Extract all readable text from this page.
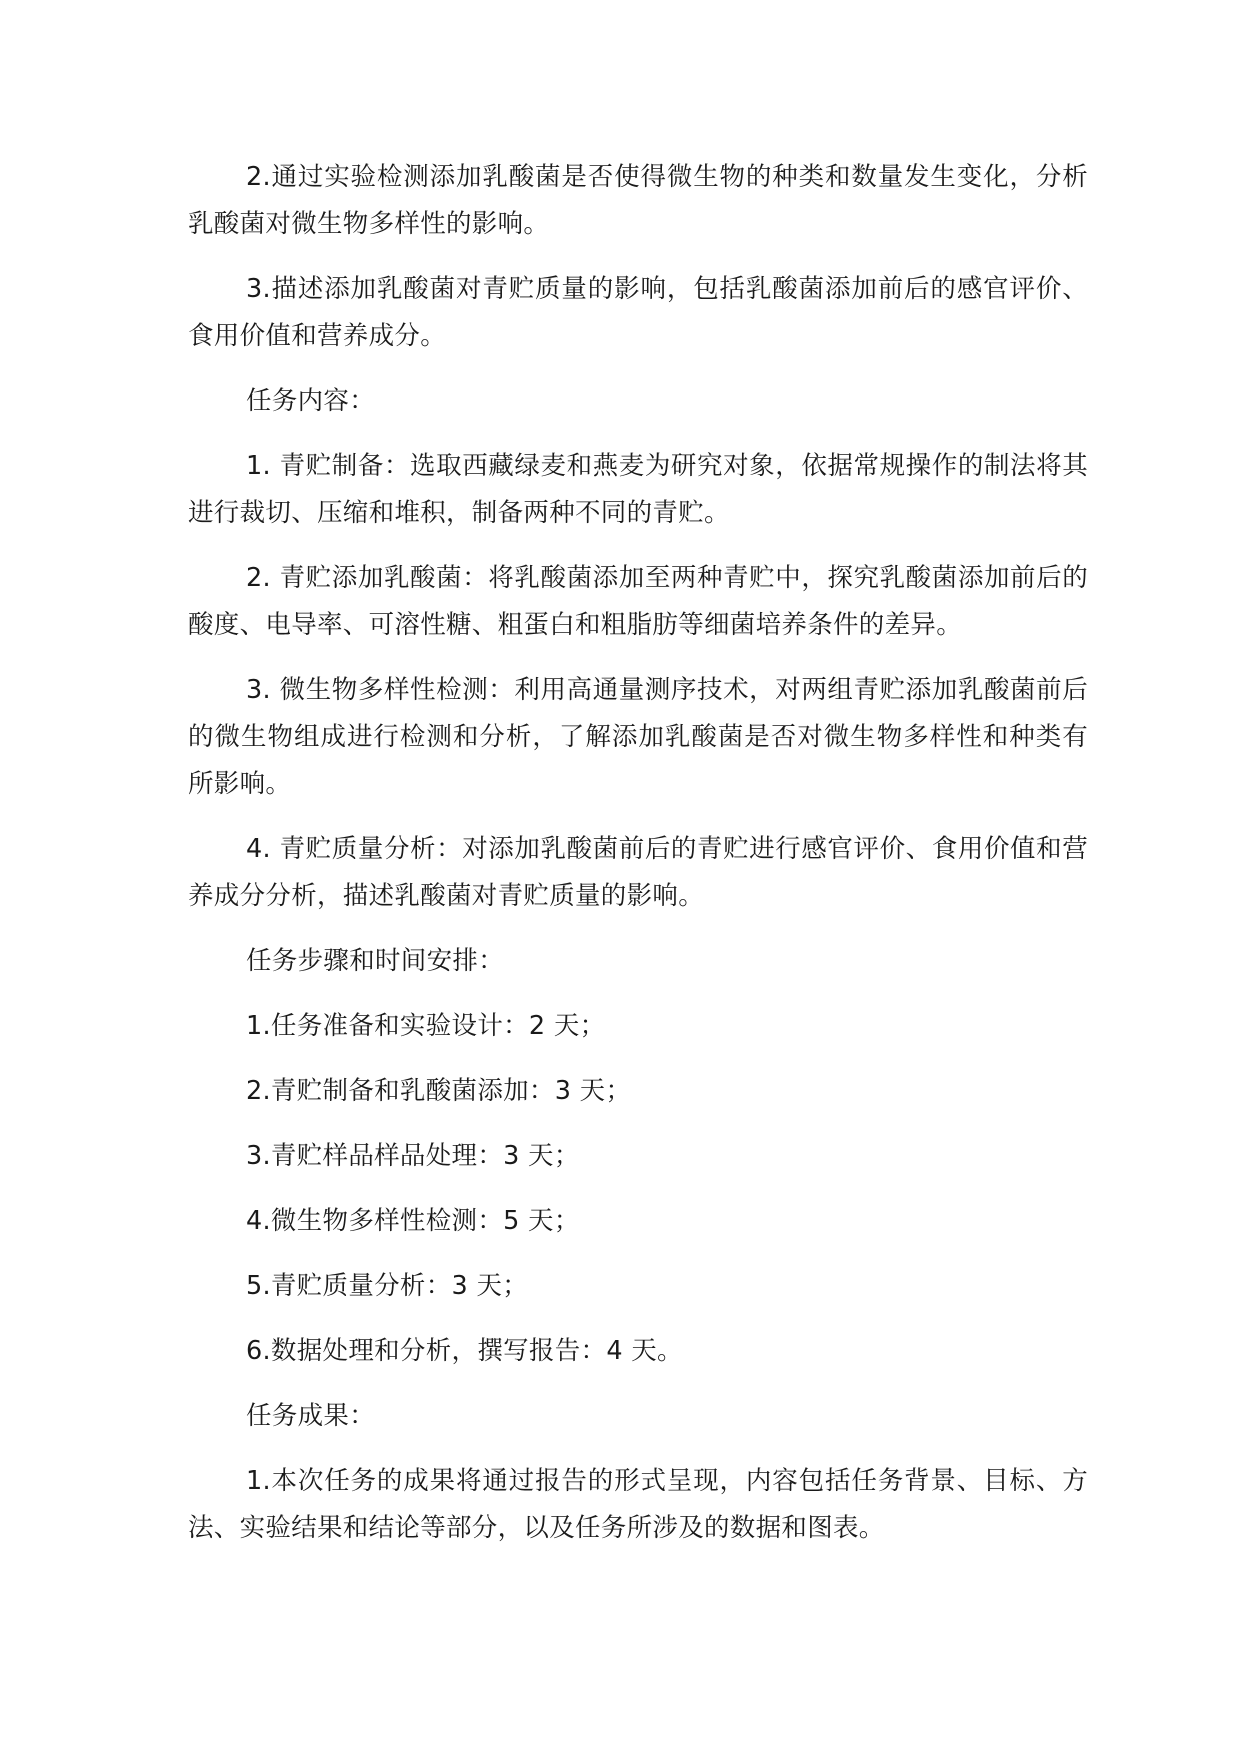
2.通过实验检测添加乳酸菌是否使得微生物的种类和数量发生变化，分析乳酸菌对微生物多样性的影响。

3.描述添加乳酸菌对青贮质量的影响，包括乳酸菌添加前后的感官评价、食用价值和营养成分。

任务内容：

1. 青贮制备：选取西藏绿麦和燕麦为研究对象，依据常规操作的制法将其进行裁切、压缩和堆积，制备两种不同的青贮。

2. 青贮添加乳酸菌：将乳酸菌添加至两种青贮中，探究乳酸菌添加前后的酸度、电导率、可溶性糖、粗蛋白和粗脂肪等细菌培养条件的差异。

3. 微生物多样性检测：利用高通量测序技术，对两组青贮添加乳酸菌前后的微生物组成进行检测和分析，了解添加乳酸菌是否对微生物多样性和种类有所影响。

4. 青贮质量分析：对添加乳酸菌前后的青贮进行感官评价、食用价值和营养成分分析，描述乳酸菌对青贮质量的影响。

任务步骤和时间安排：

1.任务准备和实验设计：2 天；

2.青贮制备和乳酸菌添加：3 天；

3.青贮样品样品处理：3 天；

4.微生物多样性检测：5 天；

5.青贮质量分析：3 天；

6.数据处理和分析，撰写报告：4 天。

任务成果：

1.本次任务的成果将通过报告的形式呈现，内容包括任务背景、目标、方法、实验结果和结论等部分，以及任务所涉及的数据和图表。
